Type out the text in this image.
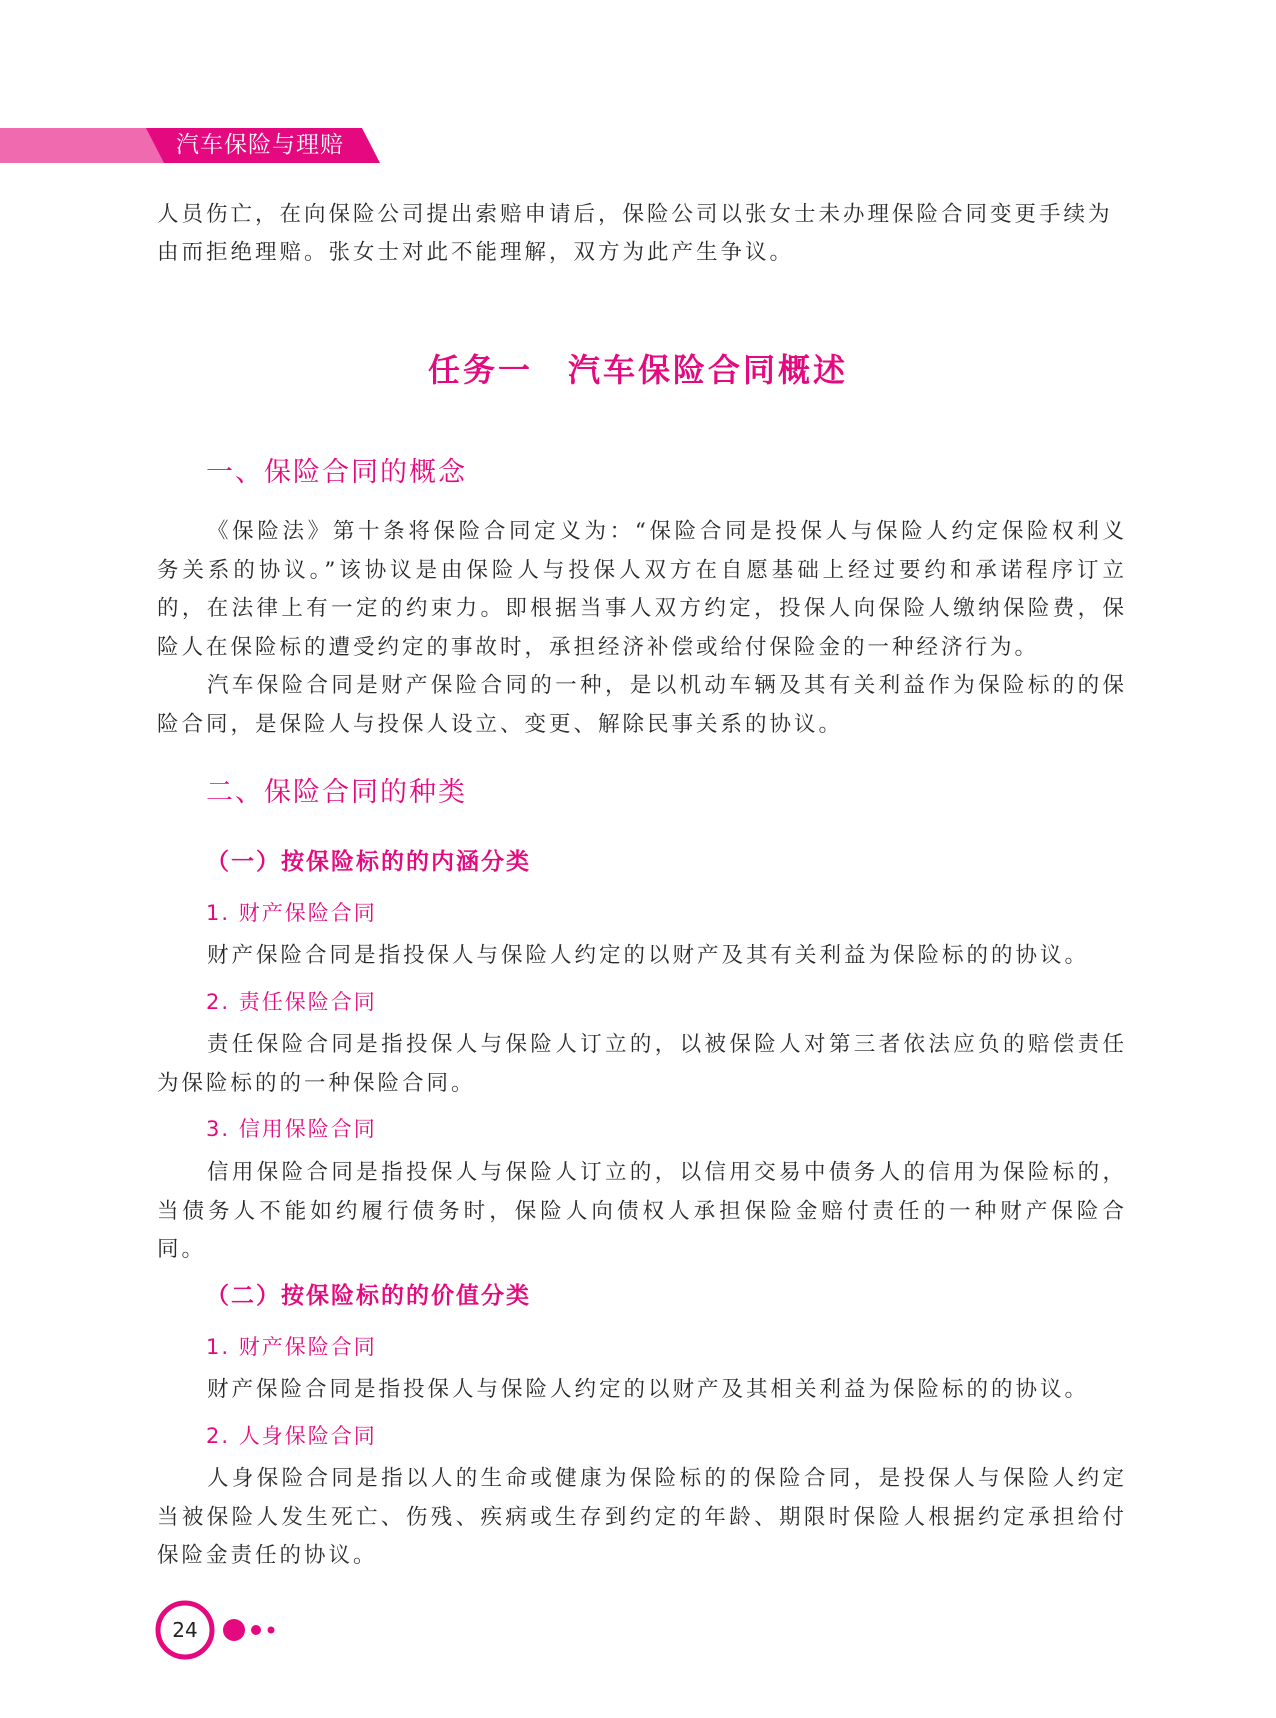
汽车保险与理赔

人员伤亡，在向保险公司提出索赔申请后，保险公司以张女士未办理保险合同变更手续为

由而拒绝理赔。张女士对此不能理解，双方为此产生争议。

任务一　汽车保险合同概述
一、保险合同的概念

《保险法》第十条将保险合同定义为：“保险合同是投保人与保险人约定保险权利义务关系的协议。”该协议是由保险人与投保人双方在自愿基础上经过要约和承诺程序订立的，在法律上有一定的约束力。即根据当事人双方约定，投保人向保险人缴纳保险费，保险人在保险标的遭受约定的事故时，承担经济补偿或给付保险金的一种经济行为。

汽车保险合同是财产保险合同的一种，是以机动车辆及其有关利益作为保险标的的保险合同，是保险人与投保人设立、变更、解除民事关系的协议。

二、保险合同的种类
（一）按保险标的的内涵分类
1. 财产保险合同

财产保险合同是指投保人与保险人约定的以财产及其有关利益为保险标的的协议。

2. 责任保险合同

责任保险合同是指投保人与保险人订立的，以被保险人对第三者依法应负的赔偿责任为保险标的的一种保险合同。

3. 信用保险合同

信用保险合同是指投保人与保险人订立的，以信用交易中债务人的信用为保险标的，当债务人不能如约履行债务时，保险人向债权人承担保险金赔付责任的一种财产保险合同。

（二）按保险标的的价值分类
1. 财产保险合同

财产保险合同是指投保人与保险人约定的以财产及其相关利益为保险标的的协议。

2. 人身保险合同

人身保险合同是指以人的生命或健康为保险标的的保险合同，是投保人与保险人约定当被保险人发生死亡、伤残、疾病或生存到约定的年龄、期限时保险人根据约定承担给付保险金责任的协议。

24
